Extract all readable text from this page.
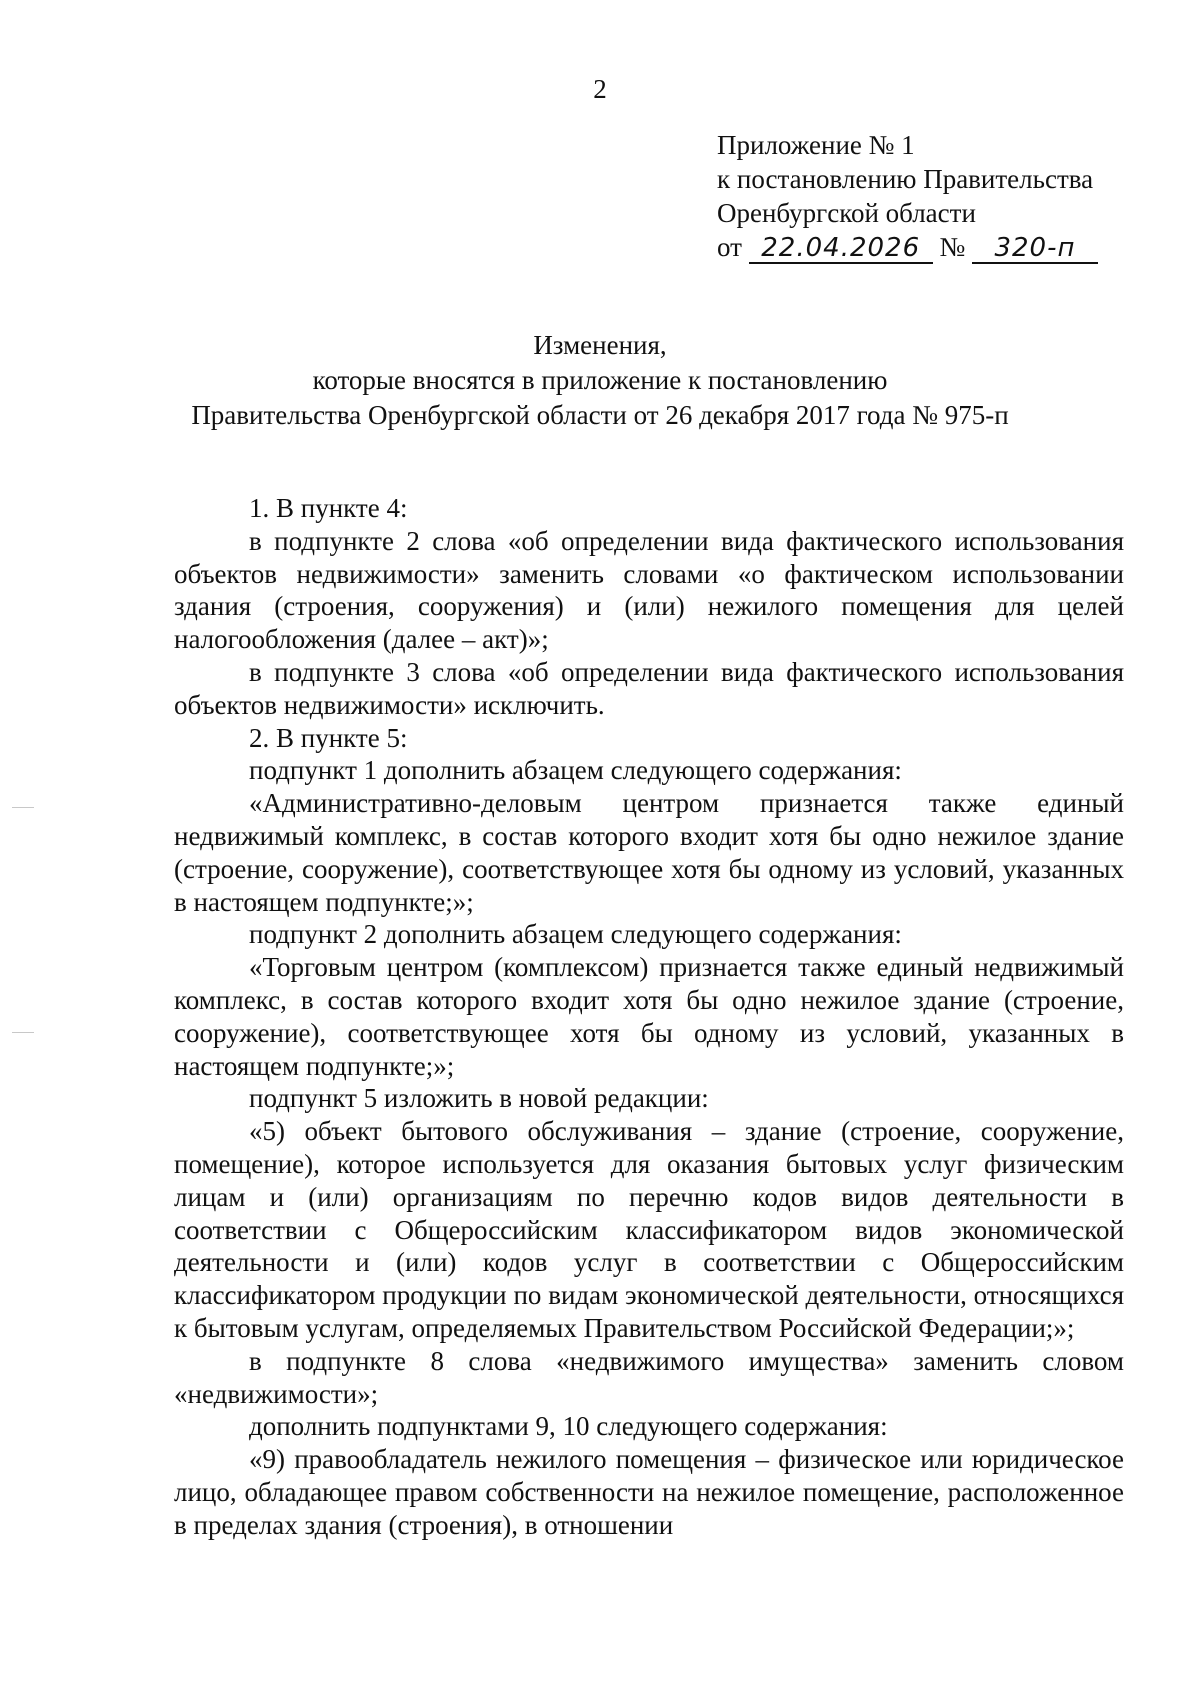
2
Приложение № 1
к постановлению Правительства
Оренбургской области
от 22.04.2026 № 320-п
Изменения,
которые вносятся в приложение к постановлению
Правительства Оренбургской области от 26 декабря 2017 года № 975-п

1. В пункте 4:

в подпункте 2 слова «об определении вида фактического использования объектов недвижимости» заменить словами «о фактическом использовании здания (строения, сооружения) и (или) нежилого помещения для целей налогообложения (далее – акт)»;

в подпункте 3 слова «об определении вида фактического использования объектов недвижимости» исключить.

2. В пункте 5:

подпункт 1 дополнить абзацем следующего содержания:

«Административно-деловым центром признается также единый недвижимый комплекс, в состав которого входит хотя бы одно нежилое здание (строение, сооружение), соответствующее хотя бы одному из условий, указанных в настоящем подпункте;»;

подпункт 2 дополнить абзацем следующего содержания:

«Торговым центром (комплексом) признается также единый недвижимый комплекс, в состав которого входит хотя бы одно нежилое здание (строение, сооружение), соответствующее хотя бы одному из условий, указанных в настоящем подпункте;»;

подпункт 5 изложить в новой редакции:

«5) объект бытового обслуживания – здание (строение, сооружение, помещение), которое используется для оказания бытовых услуг физическим лицам и (или) организациям по перечню кодов видов деятельности в соответствии с Общероссийским классификатором видов экономической деятельности и (или) кодов услуг в соответствии с Общероссийским классификатором продукции по видам экономической деятельности, относящихся к бытовым услугам, определяемых Правительством Российской Федерации;»;

в подпункте 8 слова «недвижимого имущества» заменить словом «недвижимости»;

дополнить подпунктами 9, 10 следующего содержания:

«9) правообладатель нежилого помещения – физическое или юридическое лицо, обладающее правом собственности на нежилое помещение, расположенное в пределах здания (строения), в отношении
